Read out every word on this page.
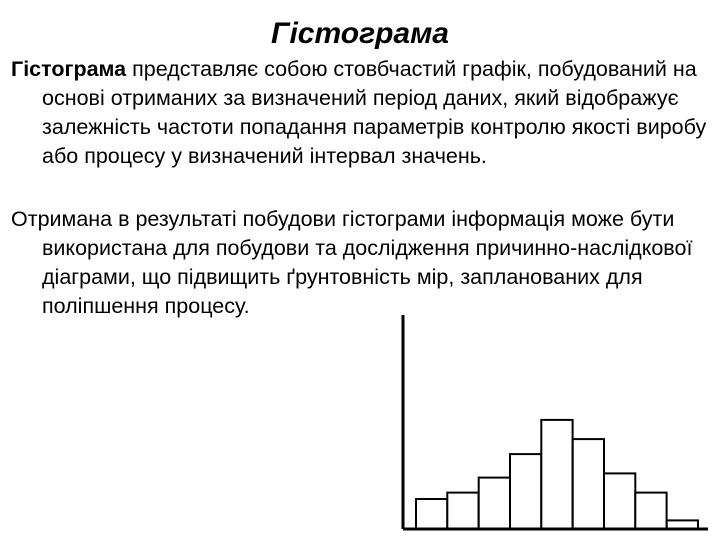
Гістограма

Гістограма представляє собою стовбчастий графік, побудований на основі отриманих за визначений період даних, який відображує залежність частоти попадання параметрів контролю якості виробу або процесу у визначений інтервал значень.

Отримана в результаті побудови гістограми інформація може бути використана для побудови та дослідження причинно-наслідкової діаграми, що підвищить ґрунтовність мір, запланованих для поліпшення процесу.
